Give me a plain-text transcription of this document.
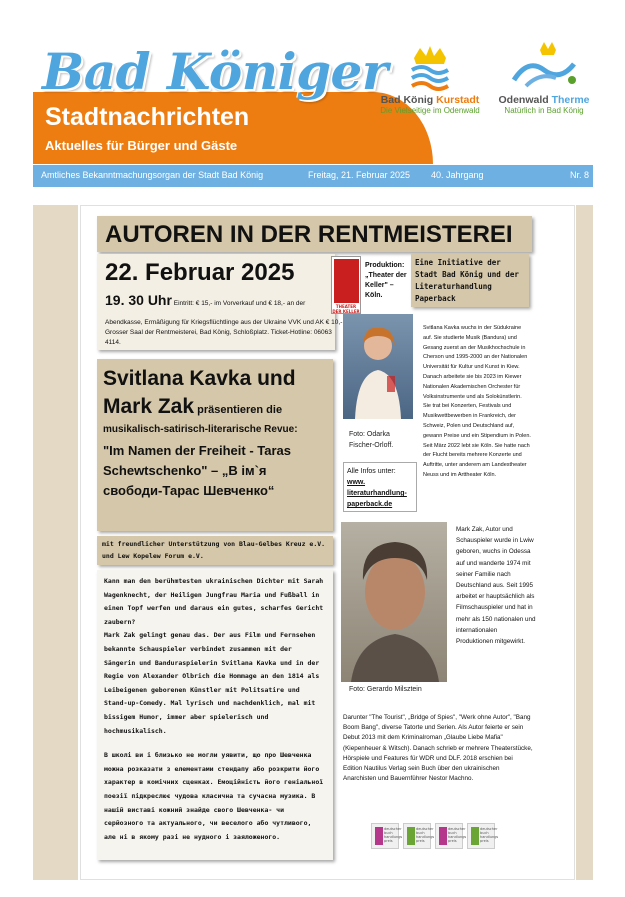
Bad Königer
Stadtnachrichten
Aktuelles für Bürger und Gäste
Bad König Kurstadt
Die Vielseitige im Odenwald
Odenwald Therme
Natürlich in Bad König
Amtliches Bekanntmachungsorgan der Stadt Bad König	Freitag, 21. Februar 2025 40. Jahrgang	Nr. 8
AUTOREN IN DER RENTMEISTEREI
22. Februar 2025
19. 30 Uhr Eintritt: € 15,- im Vorverkauf und € 18,- an der
Abendkasse, Ermäßigung für Kriegsflüchtlinge aus der Ukraine VVK und AK € 10,- Grosser Saal der Rentmeisterei, Bad König, Schloßplatz. Ticket-Hotline: 06063 4114.
THEATER DER KELLER
Produktion: „Theater der Keller" – Köln.
Eine Initiative der Stadt Bad König und der Literaturhandlung Paperback
Svitlana Kavka und
Mark Zak präsentieren die
musikalisch-satirisch-literarische Revue:
"Im Namen der Freiheit - Taras Schewtschenko" – „В ім`я свободи-Тарас Шевченко“
mit freundlicher Unterstützung von Blau-Gelbes Kreuz e.V. und Lew Kopelew Forum e.V.

Kann man den berühmtesten ukrainischen Dichter mit Sarah Wagenknecht, der Heiligen Jungfrau Maria und Fußball in einen Topf werfen und daraus ein gutes, scharfes Gericht zaubern?

Mark Zak gelingt genau das. Der aus Film und Fernsehen bekannte Schauspieler verbindet zusammen mit der Sängerin und Banduraspielerin Svitlana Kavka und in der Regie von Alexander Olbrich die Hommage an den 1814 als Leibeigenen geborenen Künstler mit Politsatire und Stand-up-Comedy. Mal lyrisch und nachdenklich, mal mit bissigem Humor, immer aber spielerisch und hochmusikalisch.

В школі ви і близько не могли уявити, що про Шевченка можна розказати з елементами стендапу або розкрити його характер в комічних сценках. Емоційність його геніальної поезії підкреслює чудова класична та сучасна музика. В нашій виставі кожний знайде свого Шевченка- чи серйозного та актуального, чи веселого або чутливого, але ні в якому разі не нудного і заяложеного.

Foto: Odarka Fischer-Orloff.
Alle Infos unter:
www. literaturhandlung-paperback.de
Svitlana Kavka wuchs in der Südukraine auf. Sie studierte Musik (Bandura) und Gesang zuerst an der Musikhochschule in Cherson und 1995-2000 an der Nationalen Universität für Kultur und Kunst in Kiew. Danach arbeitete sie bis 2023 im Kiewer Nationalen Akademischen Orchester für Volksinstrumente und als Solokünstlerin. Sie trat bei Konzerten, Festivals und Musikwettbewerben in Frankreich, der Schweiz, Polen und Deutschland auf, gewann Preise und ein Stipendium in Polen. Seit März 2022 lebt sie Köln. Sie hatte nach der Flucht bereits mehrere Konzerte und Auftritte, unter anderem am Landestheater Neuss und im Arttheater Köln.
Foto: Gerardo Milsztein
Mark Zak, Autor und Schauspieler wurde in Lwiw geboren, wuchs in Odessa auf und wanderte 1974 mit seiner Familie nach Deutschland aus. Seit 1995 arbeitet er hauptsächlich als Filmschauspieler und hat in mehr als 150 nationalen und internationalen Produktionen mitgewirkt.
Darunter "The Tourist", „Bridge of Spies", "Werk ohne Autor", "Bang Boom Bang", diverse Tatorte und Serien. Als Autor feierte er sein Debut 2013 mit dem Kriminalroman „Glaube Liebe Mafia" (Kiepenheuer & Witsch). Danach schrieb er mehrere Theaterstücke, Hörspiele und Features für WDR und DLF. 2018 erschien bei Edition Nautilus Verlag sein Buch über den ukrainischen Anarchisten und Bauernführer Nestor Machno.
deutscher buch handlungs preis
deutscher buch handlungs preis
deutscher buch handlungs preis
deutscher buch handlungs preis
